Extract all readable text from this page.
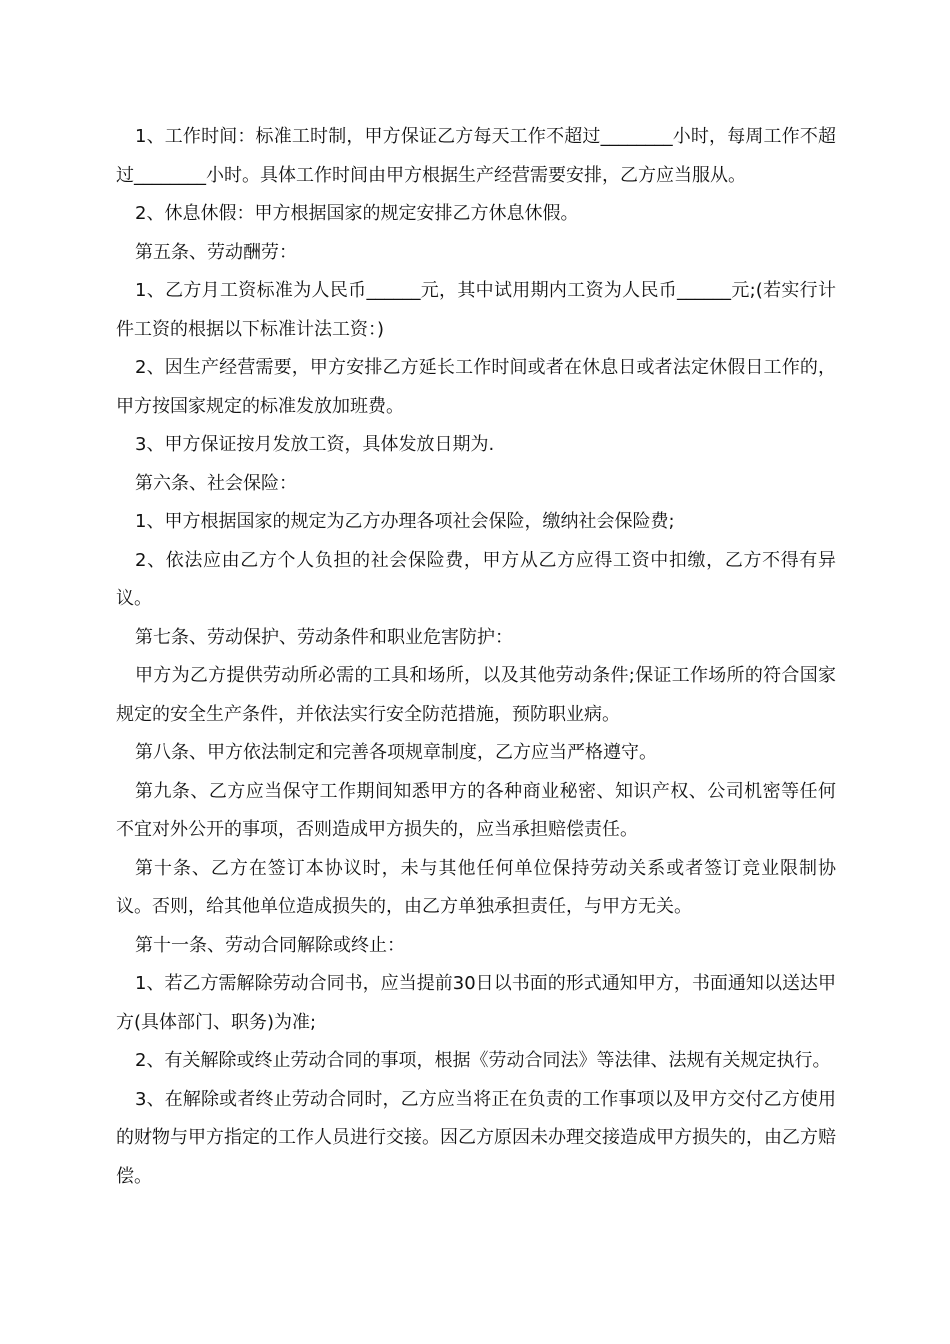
1、工作时间：标准工时制，甲方保证乙方每天工作不超过________小时，每周工作不超过________小时。具体工作时间由甲方根据生产经营需要安排，乙方应当服从。

2、休息休假：甲方根据国家的规定安排乙方休息休假。

第五条、劳动酬劳：

1、乙方月工资标准为人民币______元，其中试用期内工资为人民币______元;(若实行计件工资的根据以下标准计法工资：)

2、因生产经营需要，甲方安排乙方延长工作时间或者在休息日或者法定休假日工作的，甲方按国家规定的标准发放加班费。

3、甲方保证按月发放工资，具体发放日期为.

第六条、社会保险：

1、甲方根据国家的规定为乙方办理各项社会保险，缴纳社会保险费;

2、依法应由乙方个人负担的社会保险费，甲方从乙方应得工资中扣缴，乙方不得有异议。

第七条、劳动保护、劳动条件和职业危害防护：

甲方为乙方提供劳动所必需的工具和场所，以及其他劳动条件;保证工作场所的符合国家规定的安全生产条件，并依法实行安全防范措施，预防职业病。

第八条、甲方依法制定和完善各项规章制度，乙方应当严格遵守。

第九条、乙方应当保守工作期间知悉甲方的各种商业秘密、知识产权、公司机密等任何不宜对外公开的事项，否则造成甲方损失的，应当承担赔偿责任。

第十条、乙方在签订本协议时，未与其他任何单位保持劳动关系或者签订竞业限制协议。否则，给其他单位造成损失的，由乙方单独承担责任，与甲方无关。

第十一条、劳动合同解除或终止：

1、若乙方需解除劳动合同书，应当提前30日以书面的形式通知甲方，书面通知以送达甲方(具体部门、职务)为准;

2、有关解除或终止劳动合同的事项，根据《劳动合同法》等法律、法规有关规定执行。

3、在解除或者终止劳动合同时，乙方应当将正在负责的工作事项以及甲方交付乙方使用的财物与甲方指定的工作人员进行交接。因乙方原因未办理交接造成甲方损失的，由乙方赔偿。
